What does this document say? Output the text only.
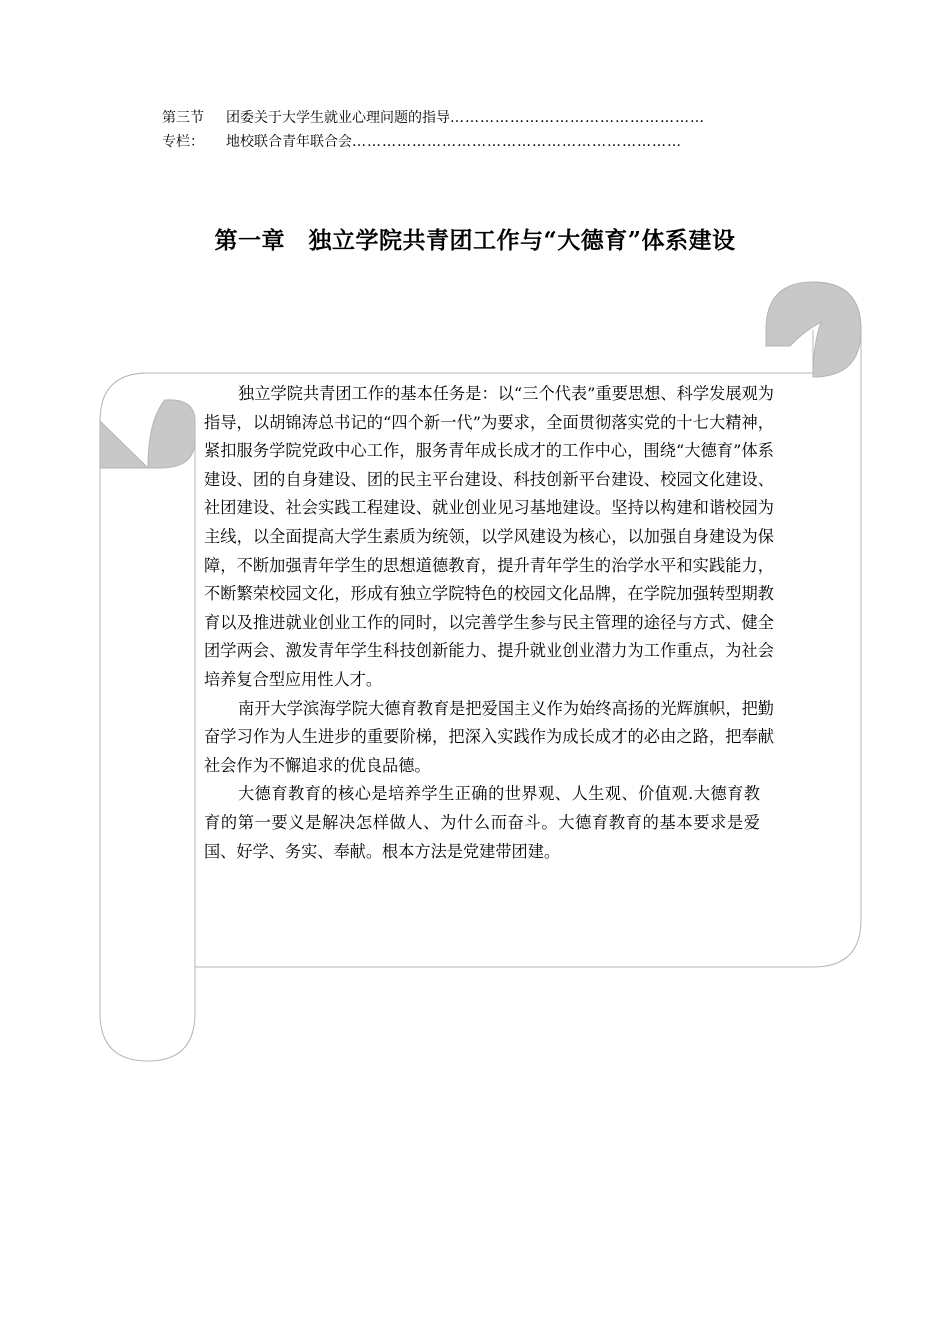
第三节	团委关于大学生就业心理问题的指导 ……………………………………………
专栏：	地校联合青年联合会 …………………………………………………………
第一章　独立学院共青团工作与“大德育”体系建设

独立学院共青团工作的基本任务是：以“三个代表”重要思想、科学发展观为指导，以胡锦涛总书记的“四个新一代”为要求，全面贯彻落实党的十七大精神，紧扣服务学院党政中心工作，服务青年成长成才的工作中心，围绕“大德育”体系建设、团的自身建设、团的民主平台建设、科技创新平台建设、校园文化建设、社团建设、社会实践工程建设、就业创业见习基地建设。坚持以构建和谐校园为主线，以全面提高大学生素质为统领，以学风建设为核心，以加强自身建设为保障，不断加强青年学生的思想道德教育，提升青年学生的治学水平和实践能力，不断繁荣校园文化，形成有独立学院特色的校园文化品牌，在学院加强转型期教育以及推进就业创业工作的同时，以完善学生参与民主管理的途径与方式、健全团学两会、激发青年学生科技创新能力、提升就业创业潜力为工作重点，为社会培养复合型应用性人才。

南开大学滨海学院大德育教育是把爱国主义作为始终高扬的光辉旗帜，把勤奋学习作为人生进步的重要阶梯，把深入实践作为成长成才的必由之路，把奉献社会作为不懈追求的优良品德。

大德育教育的核心是培养学生正确的世界观、人生观、价值观.大德育教育的第一要义是解决怎样做人、为什么而奋斗。大德育教育的基本要求是爱国、好学、务实、奉献。根本方法是党建带团建。
